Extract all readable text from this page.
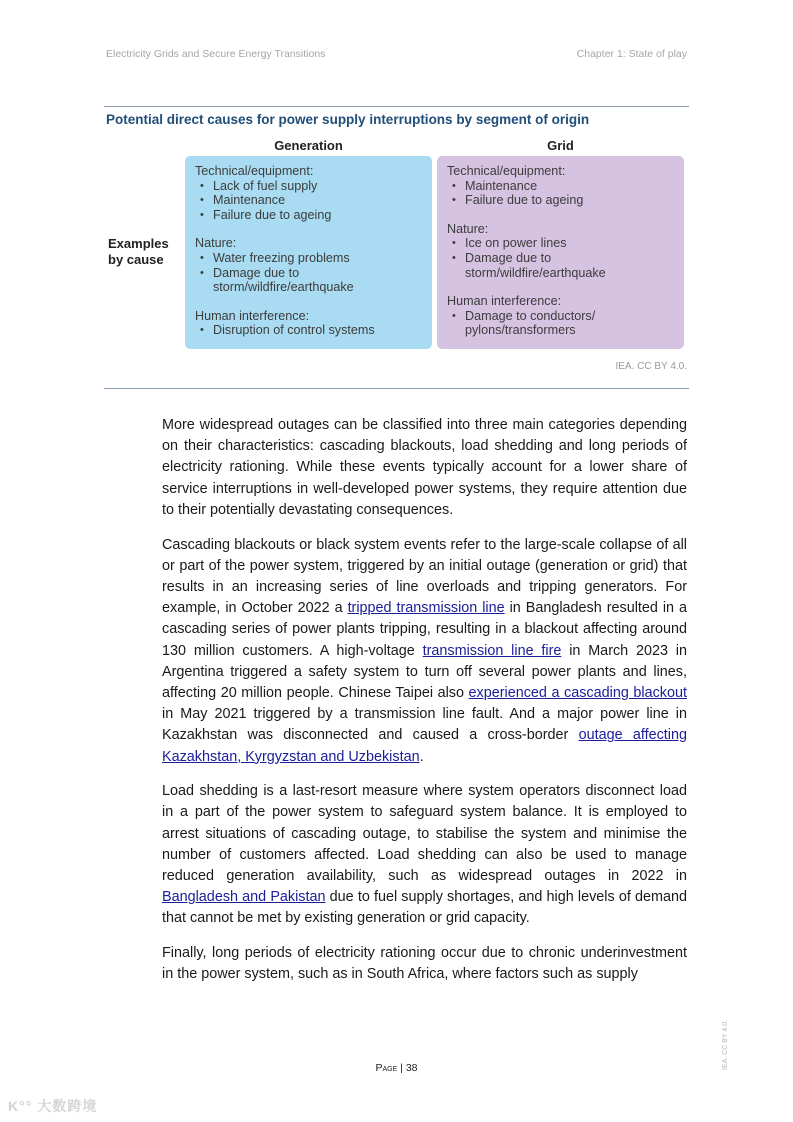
Electricity Grids and Secure Energy Transitions	Chapter 1: State of play
Potential direct causes for power supply interruptions by segment of origin
Generation	Grid
Examples
by cause
Technical/equipment:
• Lack of fuel supply
• Maintenance
• Failure due to ageing
Nature:
• Water freezing problems
• Damage due to storm/wildfire/earthquake
Human interference:
• Disruption of control systems
Technical/equipment:
• Maintenance
• Failure due to ageing
Nature:
• Ice on power lines
• Damage due to storm/wildfire/earthquake
Human interference:
• Damage to conductors/ pylons/transformers
IEA. CC BY 4.0.

More widespread outages can be classified into three main categories depending on their characteristics: cascading blackouts, load shedding and long periods of electricity rationing. While these events typically account for a lower share of service interruptions in well-developed power systems, they require attention due to their potentially devastating consequences.

Cascading blackouts or black system events refer to the large-scale collapse of all or part of the power system, triggered by an initial outage (generation or grid) that results in an increasing series of line overloads and tripping generators. For example, in October 2022 a tripped transmission line in Bangladesh resulted in a cascading series of power plants tripping, resulting in a blackout affecting around 130 million customers. A high-voltage transmission line fire in March 2023 in Argentina triggered a safety system to turn off several power plants and lines, affecting 20 million people. Chinese Taipei also experienced a cascading blackout in May 2021 triggered by a transmission line fault. And a major power line in Kazakhstan was disconnected and caused a cross-border outage affecting Kazakhstan, Kyrgyzstan and Uzbekistan.

Load shedding is a last-resort measure where system operators disconnect load in a part of the power system to safeguard system balance. It is employed to arrest situations of cascading outage, to stabilise the system and minimise the number of customers affected. Load shedding can also be used to manage reduced generation availability, such as widespread outages in 2022 in Bangladesh and Pakistan due to fuel supply shortages, and high levels of demand that cannot be met by existing generation or grid capacity.

Finally, long periods of electricity rationing occur due to chronic underinvestment in the power system, such as in South Africa, where factors such as supply

Page | 38	IEA. CC BY 4.0.
K°° 大数跨境
